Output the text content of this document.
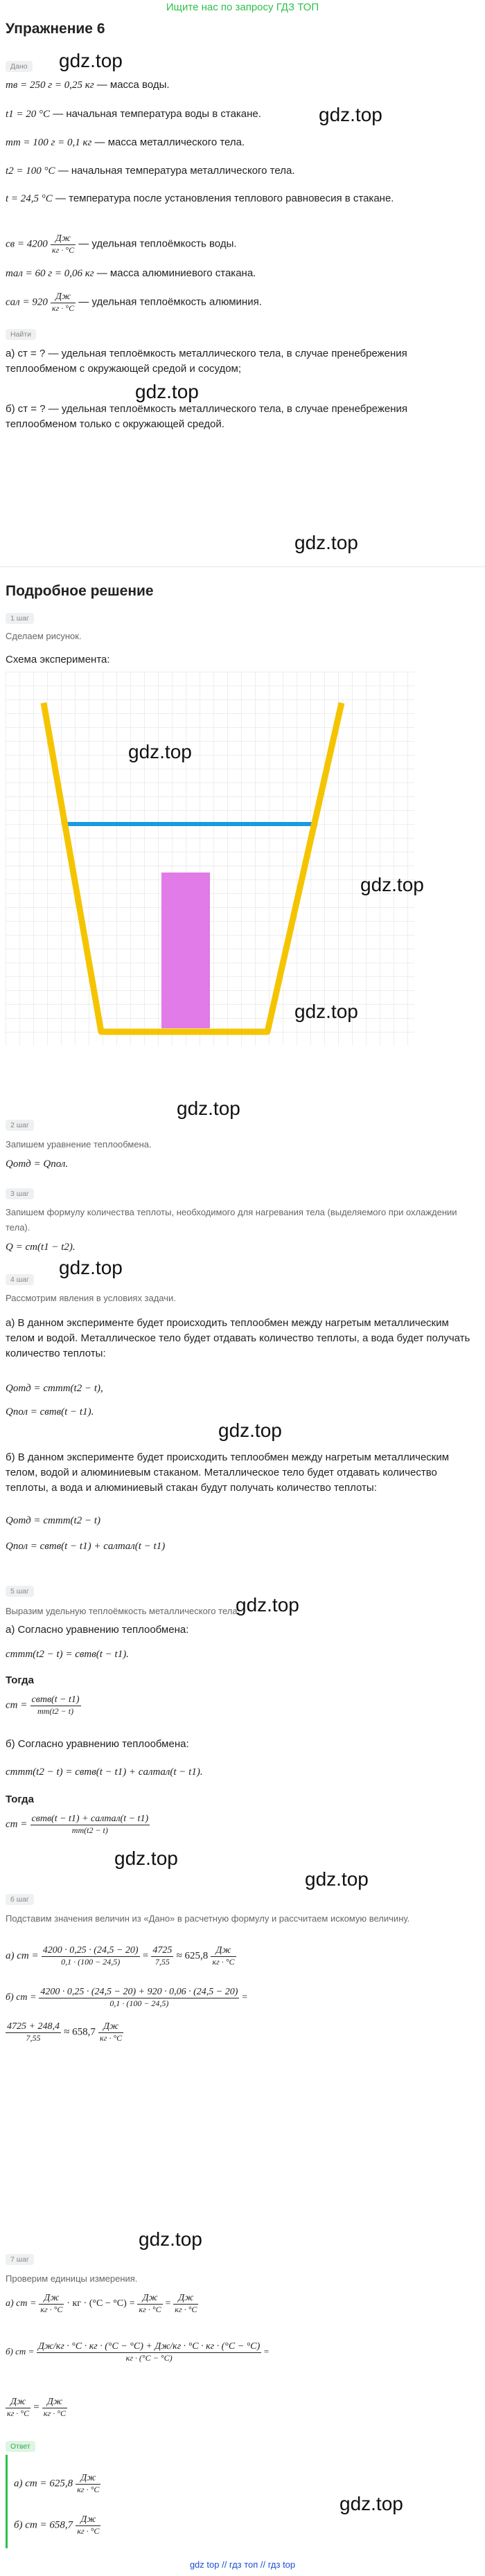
Ищите нас по запросу ГДЗ ТОП
Упражнение 6
Дано
mв = 250 г = 0,25 кг — масса воды.
t1 = 20 °C — начальная температура воды в стакане.
mт = 100 г = 0,1 кг — масса металлического тела.
t2 = 100 °C — начальная температура металлического тела.
t = 24,5 °C — температура после установления теплового равновесия в стакане.
cв = $4200 \frac{Дж}{кг \cdot ^\circ C}$ — удельная теплоёмкость воды.
mал = 60 г = 0,06 кг — масса алюминиевого стакана.
cал = $920 \frac{Дж}{кг \cdot ^\circ C}$ — удельная теплоёмкость алюминия.
Найти
а) cт = ? — удельная теплоёмкость металлического тела, в случае пренебрежения теплообменом с окружающей средой и сосудом;
б) cт = ? — удельная теплоёмкость металлического тела, в случае пренебрежения теплообменом только с окружающей средой.
Подробное решение
1 шаг
Сделаем рисунок.
Схема эксперимента:
2 шаг
Запишем уравнение теплообмена.
Qотд = Qпол.
3 шаг
Запишем формулу количества теплоты, необходимого для нагревания тела (выделяемого при охлаждении тела).
Q = cm(t1 − t2).
4 шаг
Рассмотрим явления в условиях задачи.
а) В данном эксперименте будет происходить теплообмен между нагретым металлическим телом и водой. Металлическое тело будет отдавать количество теплоты, а вода будет получать количество теплоты:
Qотд = cтmт(t2 − t),
Qпол = cвmв(t − t1).
б) В данном эксперименте будет происходить теплообмен между нагретым металлическим телом, водой и алюминиевым стаканом. Металлическое тело будет отдавать количество теплоты, а вода и алюминиевый стакан будут получать количество теплоты:
Qотд = cтmт(t2 − t)
Qпол = cвmв(t − t1) + cалmал(t − t1)
5 шаг
Выразим удельную теплоёмкость металлического тела.
а) Согласно уравнению теплообмена:
cтmт(t2 − t) = cвmв(t − t1).
Тогда
cт = $\frac{\text{cвmв(t − t1)}}{mт(t2 - t)}$
б) Согласно уравнению теплообмена:
cтmт(t2 − t) = cвmв(t − t1) + cалmал(t − t1).
Тогда
cт = $\frac{\text{cвmв(t − t1) + cалmал(t − t1)}}{mт(t2 - t)}$
6 шаг
Подставим значения величин из «Дано» в расчетную формулу и рассчитаем искомую величину.
а) cт = $\frac{4200 \cdot 0,25 \cdot (24,5 - 20)}{0,1 \cdot (100 - 24,5)} = \frac{4725}{7,55} \approx 625,8 \frac{Дж}{кг \cdot ^\circ C}$
б) cт = $\frac{4200 \cdot 0,25 \cdot (24,5 - 20) + 920 \cdot 0,06 \cdot (24,5 - 20)}{0,1 \cdot (100 - 24,5)}$ =
$\frac{4725 + 248,4}{7,55} \approx 658,7 \frac{Дж}{кг \cdot ^\circ C}$
7 шаг
Проверим единицы измерения.
а) cт = $\frac{Дж}{кг \cdot ^\circ C}$ · кг · $(^\circ C - ^\circ C) = \frac{Дж}{кг \cdot ^\circ C} = \frac{Дж}{кг \cdot ^\circ C}$
б) cт = $\frac{Дж/кг \cdot ^\circ C \cdot кг \cdot (^\circ C - ^\circ C) + Дж/кг \cdot ^\circ C \cdot кг \cdot (^\circ C - ^\circ C)}{кг \cdot (^\circ C - ^\circ C)}$ =
$\frac{Дж}{кг \cdot ^\circ C} = \frac{Дж}{кг \cdot ^\circ C}$
Ответ
а) cт = $625,8 \frac{Дж}{кг \cdot ^\circ C}$
б) cт = $658,7 \frac{Дж}{кг \cdot ^\circ C}$
gdz.top
gdz.top
gdz.top
gdz.top
gdz.top
gdz.top
gdz.top
gdz.top
gdz.top
gdz.top
gdz.top
gdz.top
gdz.top
gdz.top
gdz.top
gdz top // гдз топ // гдз top
